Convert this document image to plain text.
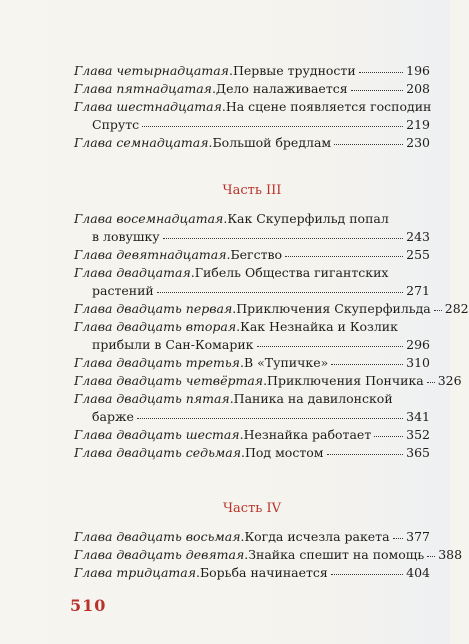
Глава четырнадцатая . Первые трудности	196
Глава пятнадцатая . Дело налаживается	208
Глава шестнадцатая . На сцене появляется господин
Спрутс	219
Глава семнадцатая . Большой бредлам	230
Часть III
Глава восемнадцатая . Как Скуперфильд попал
в ловушку	243
Глава девятнадцатая . Бегство	255
Глава двадцатая . Гибель Общества гигантских
растений	271
Глава двадцать первая . Приключения Скуперфильда 282
Глава двадцать вторая . Как Незнайка и Козлик
прибыли в Сан-Комарик	296
Глава двадцать третья . В «Тупичке»	310
Глава двадцать четвёртая . Приключения Пончика 326
Глава двадцать пятая . Паника на давилонской
барже	341
Глава двадцать шестая . Незнайка работает	352
Глава двадцать седьмая . Под мостом	365
Часть IV
Глава двадцать восьмая . Когда исчезла ракета 377
Глава двадцать девятая . Знайка спешит на помощь 388
Глава тридцатая . Борьба начинается	404
510
